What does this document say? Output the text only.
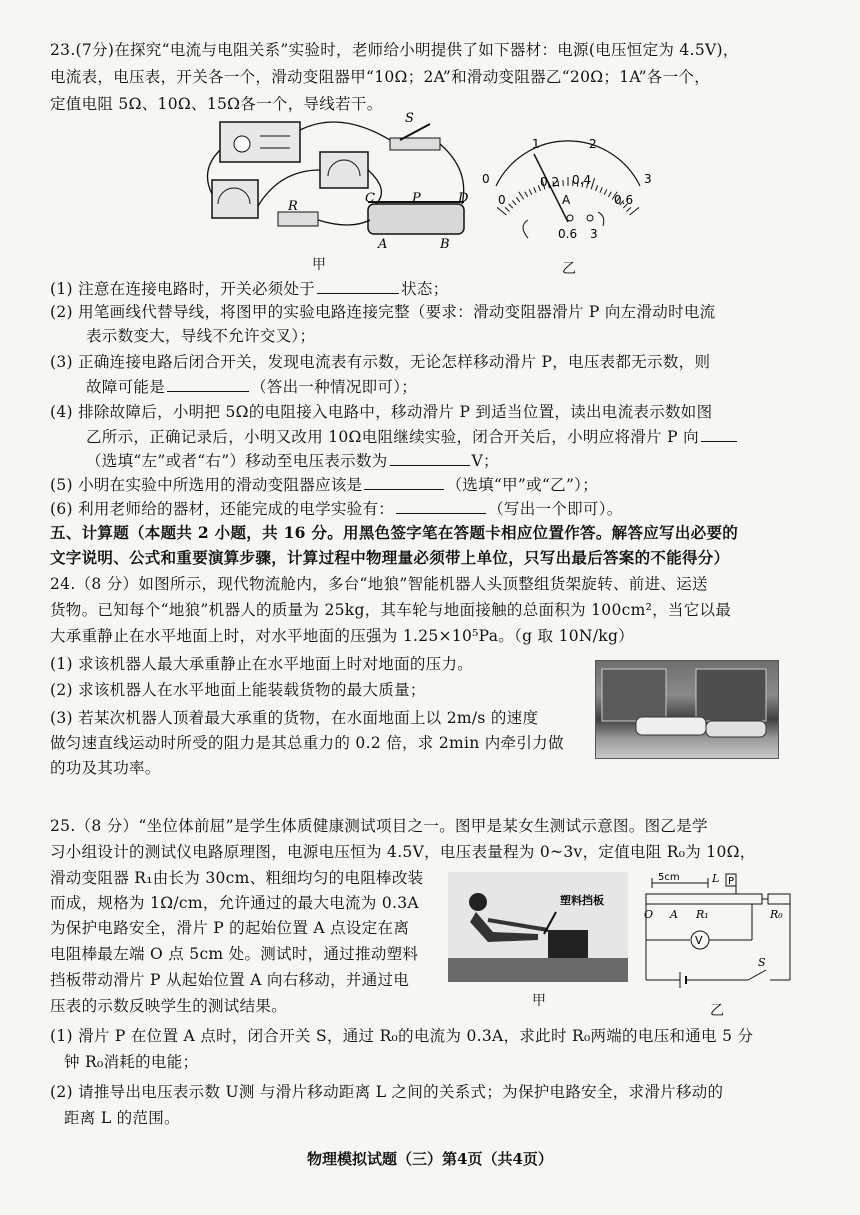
23.(7分)在探究“电流与电阻关系”实验时，老师给小明提供了如下器材：电源(电压恒定为 4.5V)，
电流表，电压表，开关各一个，滑动变阻器甲“10Ω；2A”和滑动变阻器乙“20Ω；1A”各一个，
定值电阻 5Ω、10Ω、15Ω各一个，导线若干。
S
R
C	P	D
A	B
甲
0
1	2
3
0
0.2 0.4
0.6
A
0.6 3
乙
(1) 注意在连接电路时，开关必须处于	状态；
(2) 用笔画线代替导线，将图甲的实验电路连接完整（要求：滑动变阻器滑片 P 向左滑动时电流
表示数变大，导线不允许交叉）；
(3) 正确连接电路后闭合开关，发现电流表有示数，无论怎样移动滑片 P，电压表都无示数，则
故障可能是	（答出一种情况即可）；
(4) 排除故障后，小明把 5Ω的电阻接入电路中，移动滑片 P 到适当位置，读出电流表示数如图
乙所示，正确记录后，小明又改用 10Ω电阻继续实验，闭合开关后，小明应将滑片 P 向
（选填“左”或者“右”）移动至电压表示数为	V；
(5) 小明在实验中所选用的滑动变阻器应该是	（选填“甲”或“乙”）；
(6) 利用老师给的器材，还能完成的电学实验有：	（写出一个即可）。
五、计算题（本题共 2 小题，共 16 分。用黑色签字笔在答题卡相应位置作答。解答应写出必要的
文字说明、公式和重要演算步骤，计算过程中物理量必须带上单位，只写出最后答案的不能得分）
24.（8 分）如图所示，现代物流舱内，多台“地狼”智能机器人头顶整组货架旋转、前进、运送
货物。已知每个“地狼”机器人的质量为 25kg，其车轮与地面接触的总面积为 100cm²，当它以最
大承重静止在水平地面上时，对水平地面的压强为 1.25×10⁵Pa。（g 取 10N/kg）
(1) 求该机器人最大承重静止在水平地面上时对地面的压力。
(2) 求该机器人在水平地面上能装载货物的最大质量；
(3) 若某次机器人顶着最大承重的货物，在水面地面上以 2m/s 的速度
做匀速直线运动时所受的阻力是其总重力的 0.2 倍，求 2min 内牵引力做
的功及其功率。
25.（8 分）“坐位体前屈”是学生体质健康测试项目之一。图甲是某女生测试示意图。图乙是学
习小组设计的测试仪电路原理图，电源电压恒为 4.5V，电压表量程为 0~3v，定值电阻 R₀为 10Ω，
滑动变阻器 R₁由长为 30cm、粗细均匀的电阻棒改装
而成，规格为 1Ω/cm，允许通过的最大电流为 0.3A
为保护电路安全，滑片 P 的起始位置 A 点设定在离
电阻棒最左端 O 点 5cm 处。测试时，通过推动塑料
挡板带动滑片 P 从起始位置 A 向右移动，并通过电
压表的示数反映学生的测试结果。
塑料挡板
甲
5cm	L P
O A R₁	R₀
V
S
乙
(1) 滑片 P 在位置 A 点时，闭合开关 S，通过 R₀的电流为 0.3A，求此时 R₀两端的电压和通电 5 分
钟 R₀消耗的电能；
(2) 请推导出电压表示数 U测 与滑片移动距离 L 之间的关系式；为保护电路安全，求滑片移动的
距离 L 的范围。
物理模拟试题（三）第4页（共4页）
